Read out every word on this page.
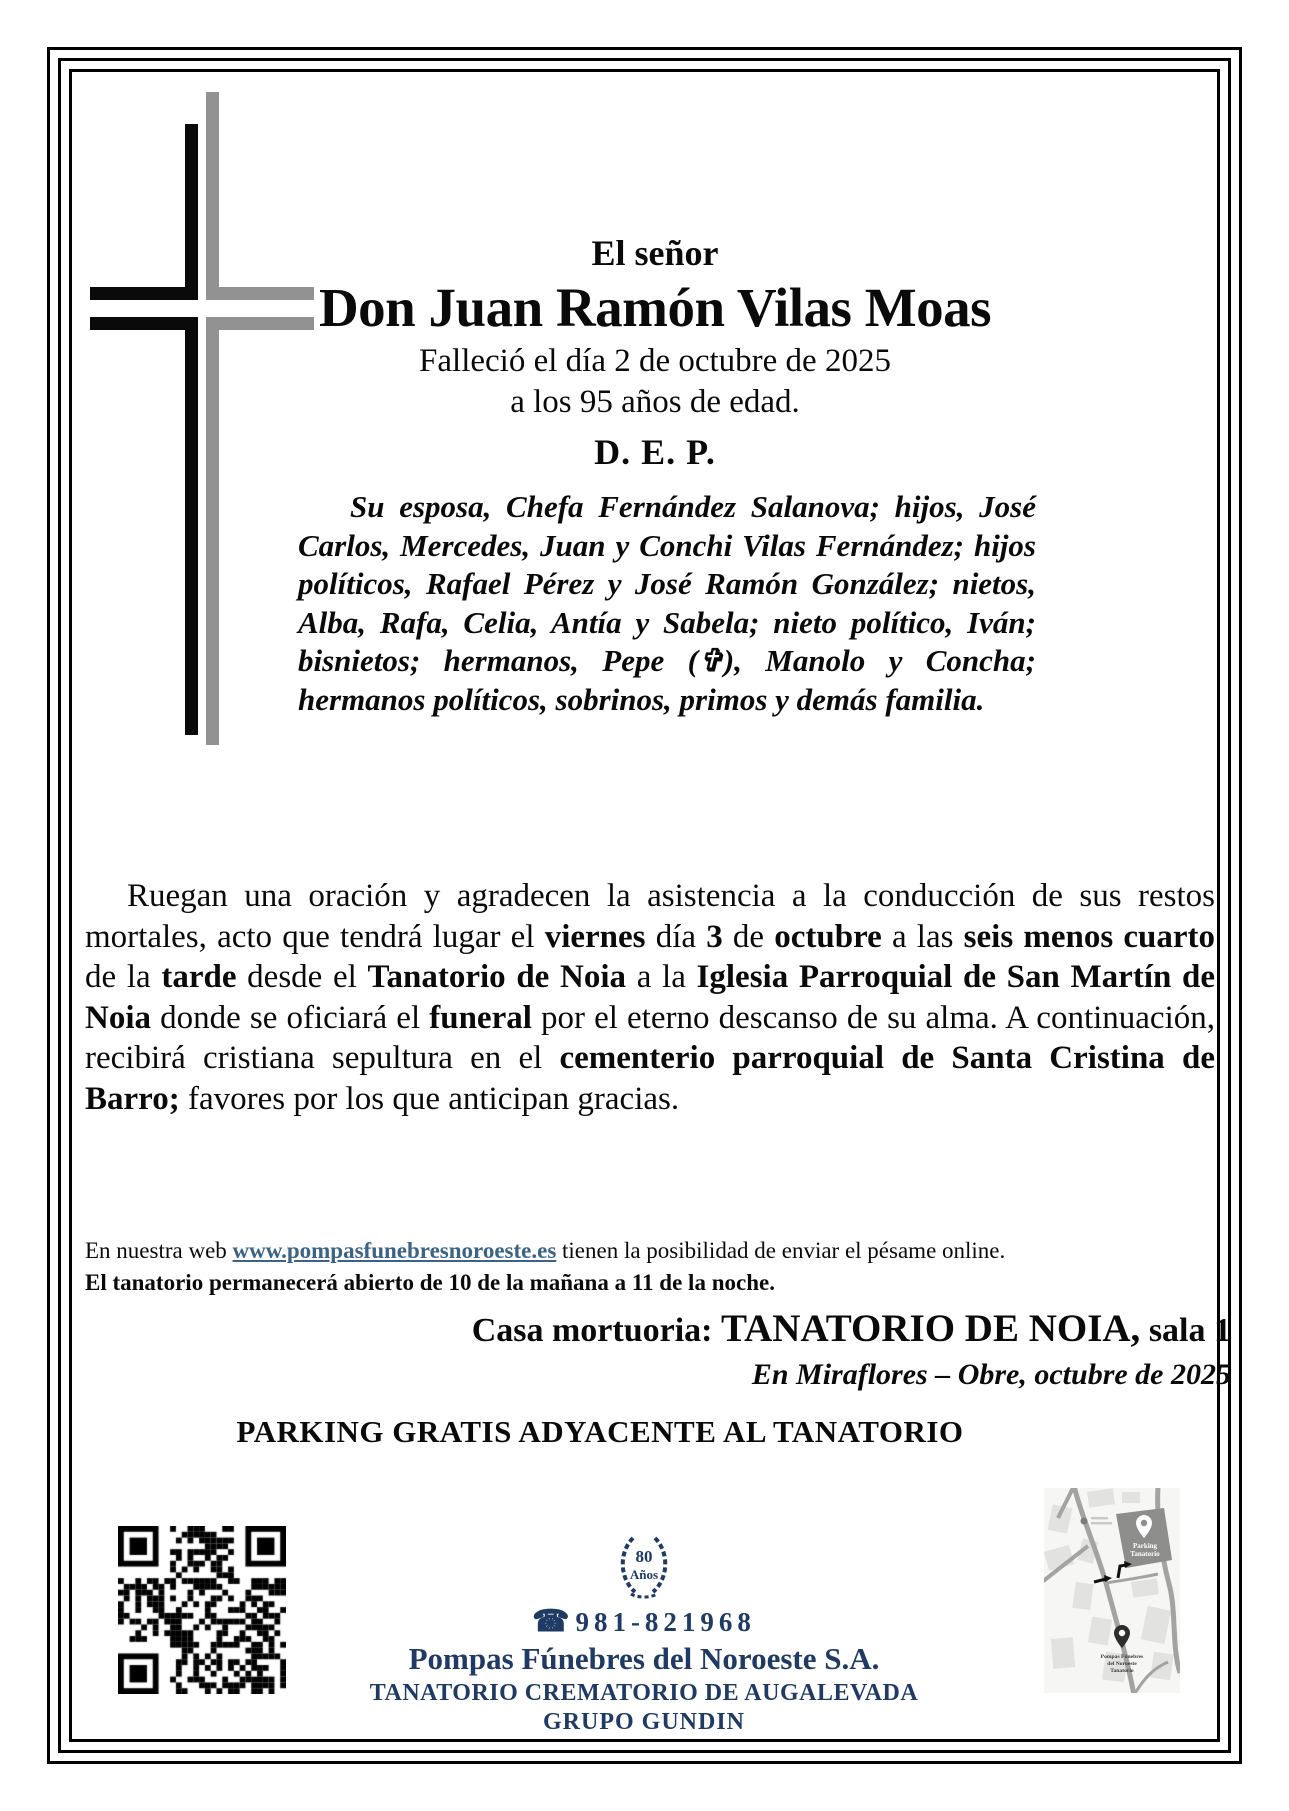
El señor
Don Juan Ramón Vilas Moas
Falleció el día 2 de octubre de 2025
a los 95 años de edad.
D. E. P.
Su esposa, Chefa Fernández Salanova; hijos, José Carlos, Mercedes, Juan y Conchi Vilas Fernández; hijos políticos, Rafael Pérez y José Ramón González; nietos, Alba, Rafa, Celia, Antía y Sabela; nieto político, Iván; bisnietos; hermanos, Pepe (✞), Manolo y Concha; hermanos políticos, sobrinos, primos y demás familia.
Ruegan una oración y agradecen la asistencia a la conducción de sus restos mortales, acto que tendrá lugar el viernes día 3 de octubre a las seis menos cuarto de la tarde desde el Tanatorio de Noia a la Iglesia Parroquial de San Martín de Noia donde se oficiará el funeral por el eterno descanso de su alma. A continuación, recibirá cristiana sepultura en el cementerio parroquial de Santa Cristina de Barro; favores por los que anticipan gracias.
En nuestra web www.pompasfunebresnoroeste.es tienen la posibilidad de enviar el pésame online.
El tanatorio permanecerá abierto de 10 de la mañana a 11 de la noche.
Casa mortuoria: TANATORIO DE NOIA, sala 1
En Miraflores – Obre, octubre de 2025
PARKING GRATIS ADYACENTE AL TANATORIO
80
Años
☎ 981-821968
Pompas Fúnebres del Noroeste S.A.
TANATORIO CREMATORIO DE AUGALEVADA
GRUPO GUNDIN
Parking
Tanatorio
Pompas Fúnebres
del Noroeste
Tanatorio
